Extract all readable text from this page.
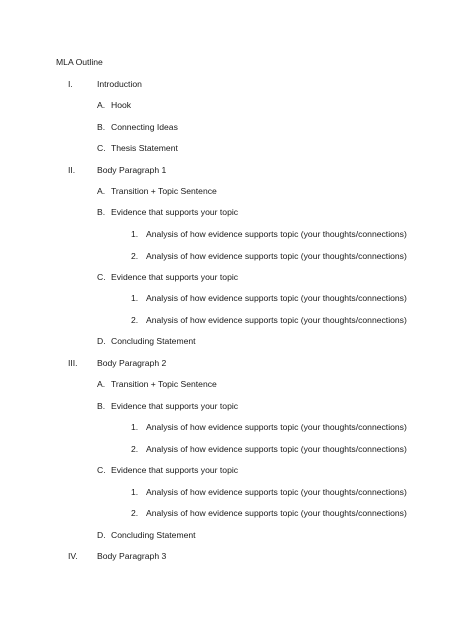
MLA Outline
I.	Introduction
A. Hook
B. Connecting Ideas
C. Thesis Statement
II.	Body Paragraph 1
A. Transition + Topic Sentence
B. Evidence that supports your topic
1. Analysis of how evidence supports topic (your thoughts/connections)
2. Analysis of how evidence supports topic (your thoughts/connections)
C. Evidence that supports your topic
1. Analysis of how evidence supports topic (your thoughts/connections)
2. Analysis of how evidence supports topic (your thoughts/connections)
D. Concluding Statement
III. Body Paragraph 2
A. Transition + Topic Sentence
B. Evidence that supports your topic
1. Analysis of how evidence supports topic (your thoughts/connections)
2. Analysis of how evidence supports topic (your thoughts/connections)
C. Evidence that supports your topic
1. Analysis of how evidence supports topic (your thoughts/connections)
2. Analysis of how evidence supports topic (your thoughts/connections)
D. Concluding Statement
IV. Body Paragraph 3
